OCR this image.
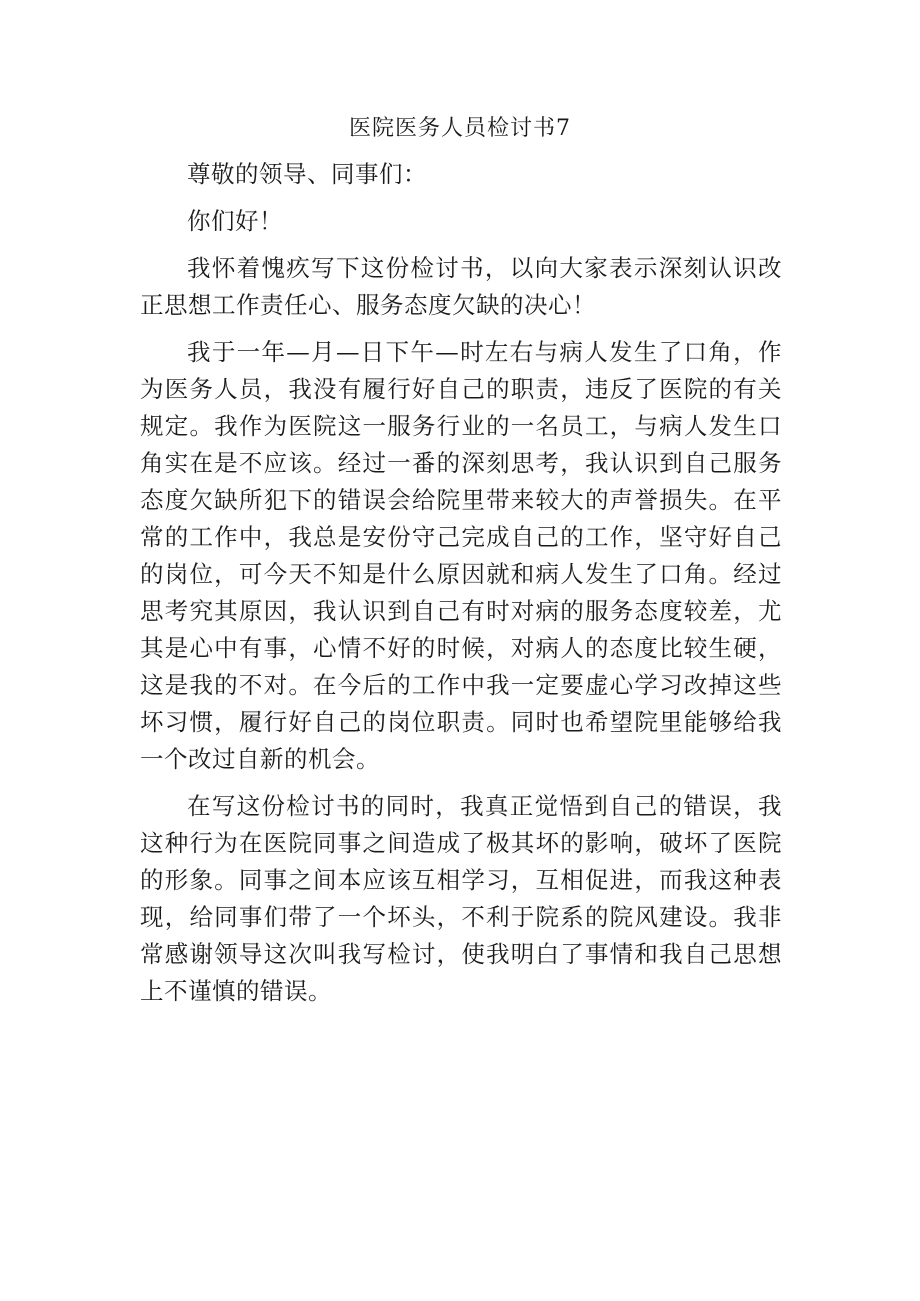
医院医务人员检讨书7

尊敬的领导、同事们：

你们好！

我怀着愧疚写下这份检讨书，以向大家表示深刻认识改正思想工作责任心、服务态度欠缺的决心！

我于一年—月—日下午—时左右与病人发生了口角，作为医务人员，我没有履行好自己的职责，违反了医院的有关规定。我作为医院这一服务行业的一名员工，与病人发生口角实在是不应该。经过一番的深刻思考，我认识到自己服务态度欠缺所犯下的错误会给院里带来较大的声誉损失。在平常的工作中，我总是安份守己完成自己的工作，坚守好自己的岗位，可今天不知是什么原因就和病人发生了口角。经过思考究其原因，我认识到自己有时对病的服务态度较差，尤其是心中有事，心情不好的时候，对病人的态度比较生硬，这是我的不对。在今后的工作中我一定要虚心学习改掉这些坏习惯，履行好自己的岗位职责。同时也希望院里能够给我一个改过自新的机会。

在写这份检讨书的同时，我真正觉悟到自己的错误，我这种行为在医院同事之间造成了极其坏的影响，破坏了医院的形象。同事之间本应该互相学习，互相促进，而我这种表现，给同事们带了一个坏头，不利于院系的院风建设。我非常感谢领导这次叫我写检讨，使我明白了事情和我自己思想上不谨慎的错误。
